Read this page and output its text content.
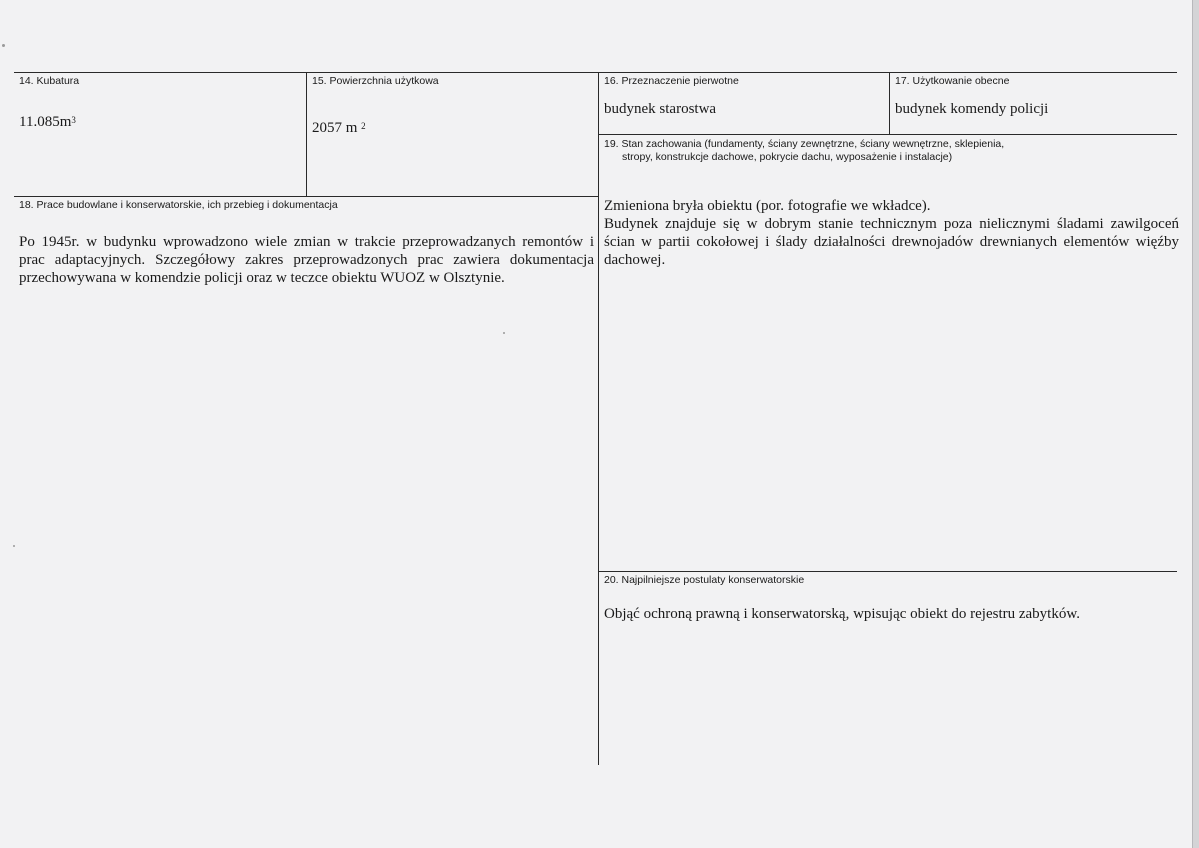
14. Kubatura
$11.085m^3$
15. Powierzchnia użytkowa
2057 m $^2$
16. Przeznaczenie pierwotne
budynek starostwa
17. Użytkowanie obecne
budynek komendy policji
19. Stan zachowania (fundamenty, ściany zewnętrzne, ściany wewnętrzne, sklepienia,
stropy, konstrukcje dachowe, pokrycie dachu, wyposażenie i instalacje)
Zmieniona bryła obiektu (por. fotografie we wkładce).
Budynek znajduje się w dobrym stanie technicznym poza nielicznymi śladami zawilgoceń
ścian w partii cokołowej i ślady działalności drewnojadów drewnianych elementów więźby
dachowej.
18. Prace budowlane i konserwatorskie, ich przebieg i dokumentacja
Po 1945r. w budynku wprowadzono wiele zmian w trakcie przeprowadzanych remontów i
prac adaptacyjnych. Szczegółowy zakres przeprowadzonych prac zawiera dokumentacja
przechowywana w komendzie policji oraz w teczce obiektu WUOZ w Olsztynie.
20. Najpilniejsze postulaty konserwatorskie
Objąć ochroną prawną i konserwatorską, wpisując obiekt do rejestru zabytków.
